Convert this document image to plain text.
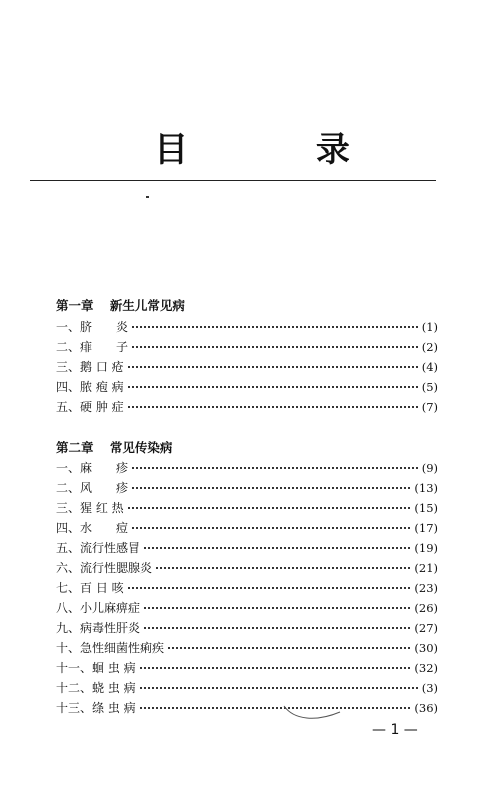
目 录
第一章 新生儿常见病
一、脐　　炎	(1)
二、痱　　子	(2)
三、鹅 口 疮	(4)
四、脓 疱 病	(5)
五、硬 肿 症	(7)
第二章 常见传染病
一、麻　　疹	(9)
二、风　　疹	(13)
三、猩 红 热	(15)
四、水　　痘	(17)
五、流行性感冒	(19)
六、流行性腮腺炎	(21)
七、百 日 咳	(23)
八、小儿麻痹症	(26)
九、病毒性肝炎	(27)
十、急性细菌性痢疾	(30)
十一、蛔 虫 病	(32)
十二、蛲 虫 病	(3)
十三、绦 虫 病	(36)
— 1 —
